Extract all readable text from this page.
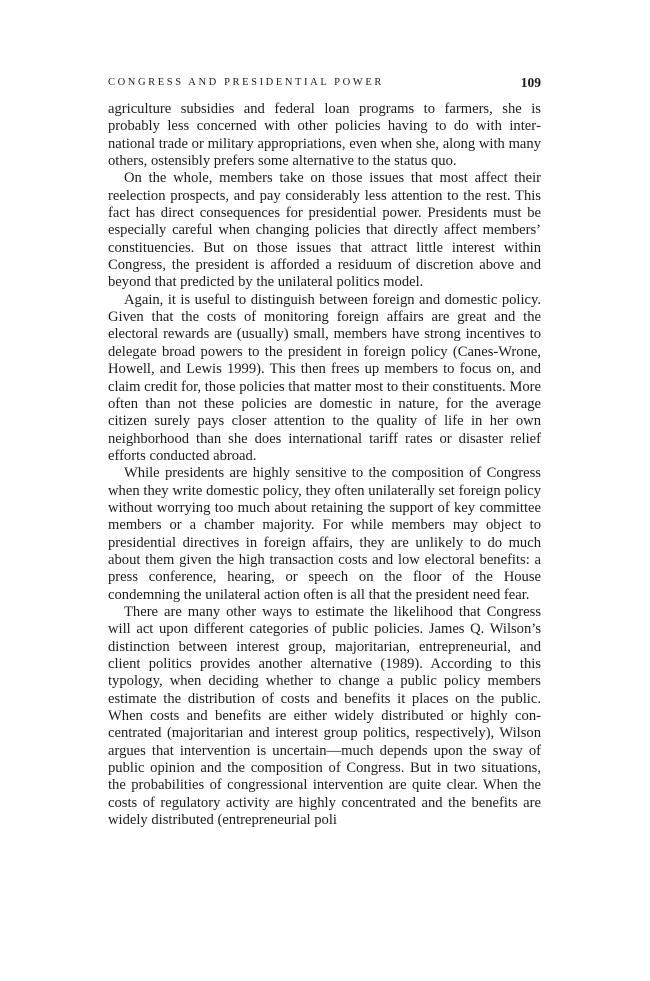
CONGRESS AND PRESIDENTIAL POWER	109

agriculture subsidies and federal loan programs to farmers, she is probably less concerned with other policies having to do with international trade or military appropriations, even when she, along with many others, ostensibly prefers some alternative to the status quo.

On the whole, members take on those issues that most affect their reelection prospects, and pay considerably less attention to the rest. This fact has direct consequences for presidential power. Presidents must be especially careful when changing policies that directly affect members’ constituencies. But on those issues that attract little interest within Congress, the president is afforded a residuum of discretion above and beyond that predicted by the unilateral politics model.

Again, it is useful to distinguish between foreign and domestic policy. Given that the costs of monitoring foreign affairs are great and the electoral rewards are (usually) small, members have strong incentives to delegate broad powers to the president in foreign policy (Canes-Wrone, Howell, and Lewis 1999). This then frees up members to focus on, and claim credit for, those policies that matter most to their constituents. More often than not these policies are domestic in nature, for the average citizen surely pays closer attention to the quality of life in her own neighborhood than she does international tariff rates or disaster relief efforts conducted abroad.

While presidents are highly sensitive to the composition of Congress when they write domestic policy, they often unilaterally set foreign policy without worrying too much about retaining the support of key committee members or a chamber majority. For while members may object to presidential directives in foreign affairs, they are unlikely to do much about them given the high transaction costs and low electoral benefits: a press conference, hearing, or speech on the floor of the House condemning the unilateral action often is all that the president need fear.

There are many other ways to estimate the likelihood that Congress will act upon different categories of public policies. James Q. Wilson’s distinction between interest group, majoritarian, entrepreneurial, and client politics provides another alternative (1989). According to this typology, when deciding whether to change a public policy members estimate the distribution of costs and benefits it places on the public. When costs and benefits are either widely distributed or highly concentrated (majoritarian and interest group politics, respectively), Wilson argues that intervention is uncertain—much depends upon the sway of public opinion and the composition of Congress. But in two situations, the probabilities of congressional intervention are quite clear. When the costs of regulatory activity are highly concentrated and the benefits are widely distributed (entrepreneurial poli
